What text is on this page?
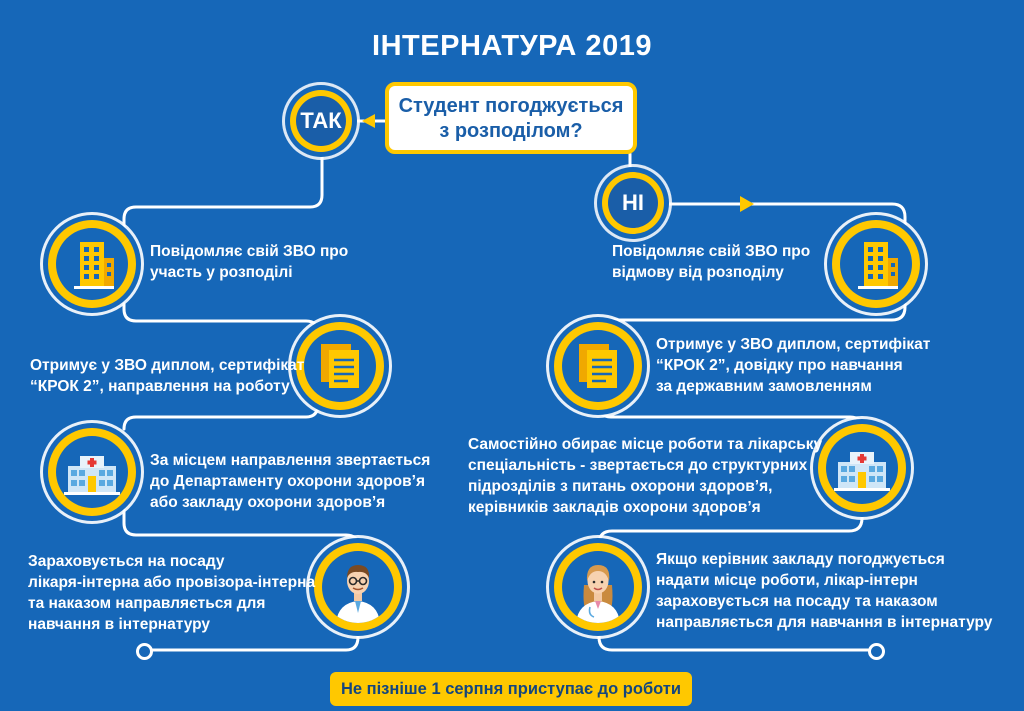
ІНТЕРНАТУРА 2019
Студент погоджується
з розподілом?
ТАК
НІ
Повідомляє свій ЗВО про
участь у розподілі
Отримує у ЗВО диплом, сертифікат
“КРОК 2”, направлення на роботу
За місцем направлення звертається
до Департаменту охорони здоров’я
або закладу охорони здоров’я
Зараховується на посаду
лікаря-інтерна або провізора-інтерна
та наказом направляється для
навчання в інтернатуру
Повідомляє свій ЗВО про
відмову від розподілу
Отримує у ЗВО диплом, сертифікат
“КРОК 2”, довідку про навчання
за державним замовленням
Самостійно обирає місце роботи та лікарську
спеціальність - звертається до структурних
підрозділів з питань охорони здоров’я,
керівників закладів охорони здоров’я
Якщо керівник закладу погоджується
надати місце роботи, лікар-інтерн
зараховується на посаду та наказом
направляється для навчання в інтернатуру
Не пізніше 1 серпня приступає до роботи
